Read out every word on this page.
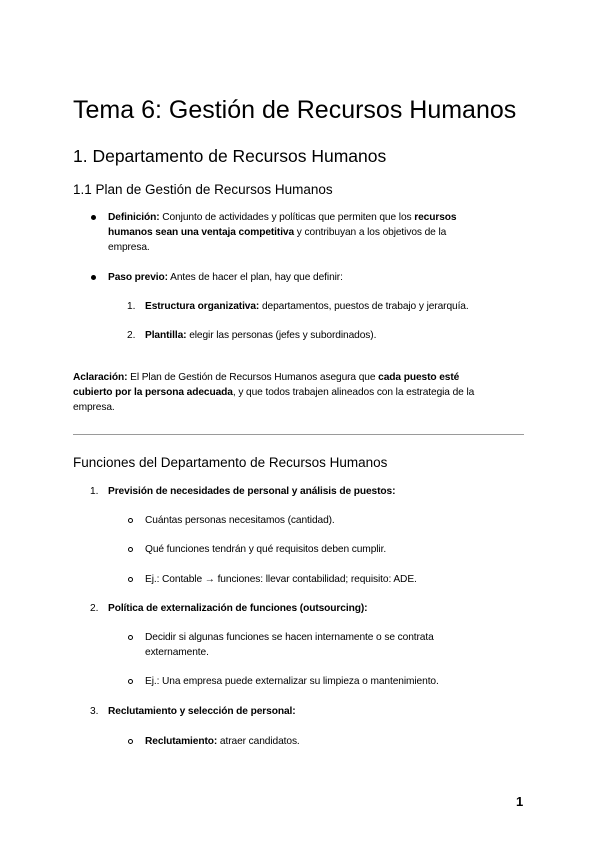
Tema 6: Gestión de Recursos Humanos
1. Departamento de Recursos Humanos
1.1 Plan de Gestión de Recursos Humanos
Definición: Conjunto de actividades y políticas que permiten que los recursos
humanos sean una ventaja competitiva y contribuyan a los objetivos de la
empresa.
Paso previo: Antes de hacer el plan, hay que definir:
1. Estructura organizativa: departamentos, puestos de trabajo y jerarquía.
2. Plantilla: elegir las personas (jefes y subordinados).
Aclaración: El Plan de Gestión de Recursos Humanos asegura que cada puesto esté
cubierto por la persona adecuada, y que todos trabajen alineados con la estrategia de la
empresa.
Funciones del Departamento de Recursos Humanos
1. Previsión de necesidades de personal y análisis de puestos:
Cuántas personas necesitamos (cantidad).
Qué funciones tendrán y qué requisitos deben cumplir.
Ej.: Contable → funciones: llevar contabilidad; requisito: ADE.
2. Política de externalización de funciones (outsourcing):
Decidir si algunas funciones se hacen internamente o se contrata
externamente.
Ej.: Una empresa puede externalizar su limpieza o mantenimiento.
3. Reclutamiento y selección de personal:
Reclutamiento: atraer candidatos.
1
